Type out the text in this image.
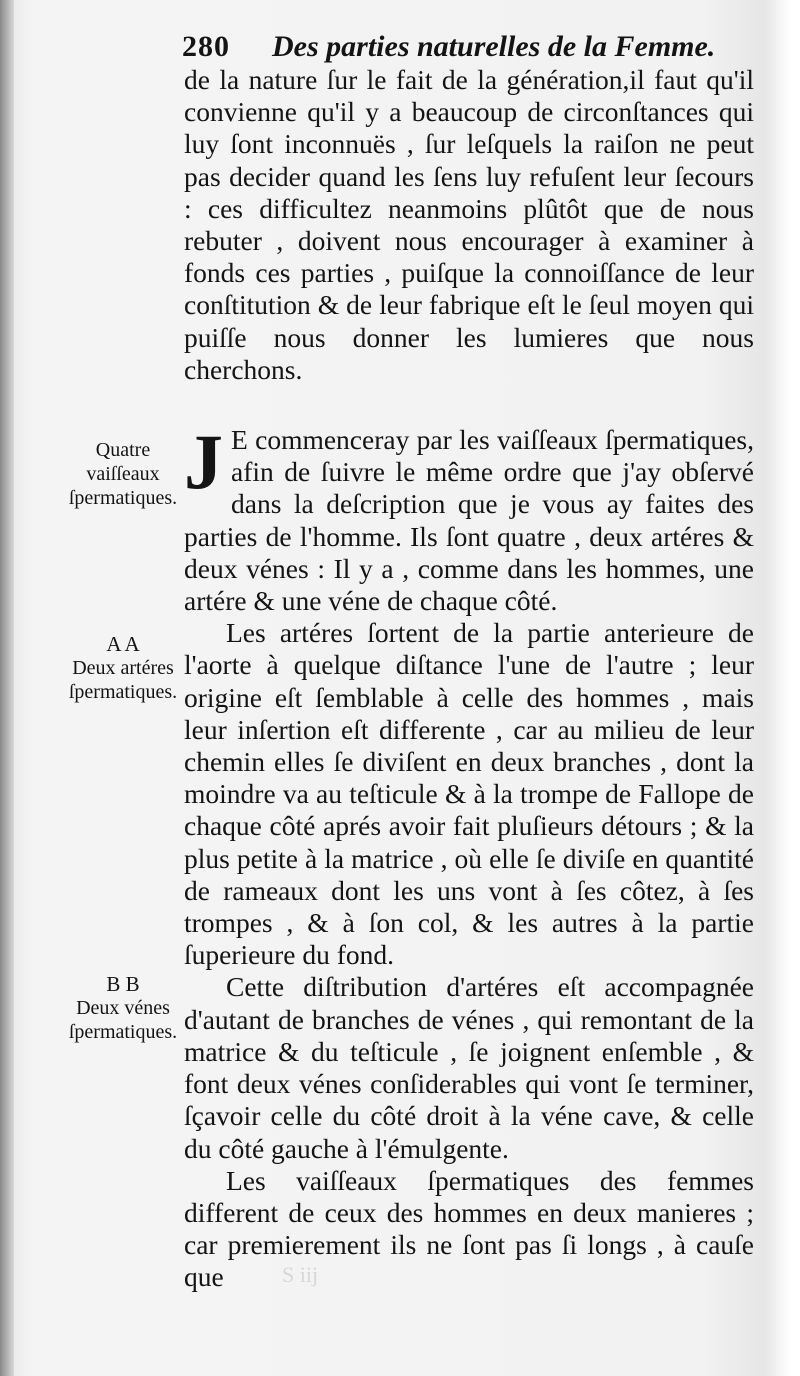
280 Des parties naturelles de la Femme.
Quatre vaiſſeaux ſpermatiques.
A A
Deux artéres ſpermatiques.
B B
Deux vénes ſpermatiques.

de la nature ſur le fait de la génération,il faut qu'il convienne qu'il y a beaucoup de circonſtances qui luy ſont inconnuës , ſur leſquels la raiſon ne peut pas decider quand les ſens luy refuſent leur ſecours : ces difficultez neanmoins plûtôt que de nous rebuter , doivent nous encourager à examiner à fonds ces parties , puiſque la connoiſſance de leur conſtitution & de leur fabrique eſt le ſeul moyen qui puiſſe nous donner les lumieres que nous cherchons.

J E commenceray par les vaiſſeaux ſpermatiques, afin de ſuivre le même ordre que j'ay obſervé dans la deſcription que je vous ay faites des parties de l'homme. Ils ſont quatre , deux artéres & deux vénes : Il y a , comme dans les hommes, une artére & une véne de chaque côté.

Les artéres ſortent de la partie anterieure de l'aorte à quelque diſtance l'une de l'autre ; leur origine eſt ſemblable à celle des hommes , mais leur inſertion eſt differente , car au milieu de leur chemin elles ſe diviſent en deux branches , dont la moindre va au teſticule & à la trompe de Fallope de chaque côté aprés avoir fait pluſieurs détours ; & la plus petite à la matrice , où elle ſe diviſe en quantité de rameaux dont les uns vont à ſes côtez, à ſes trompes , & à ſon col, & les autres à la partie ſuperieure du fond.

Cette diſtribution d'artéres eſt accompagnée d'autant de branches de vénes , qui remontant de la matrice & du teſticule , ſe joignent enſemble , & font deux vénes conſiderables qui vont ſe terminer, ſçavoir celle du côté droit à la véne cave, & celle du côté gauche à l'émulgente.

Les vaiſſeaux ſpermatiques des femmes different de ceux des hommes en deux manieres ; car premierement ils ne ſont pas ſi longs , à cauſe que	S iij
